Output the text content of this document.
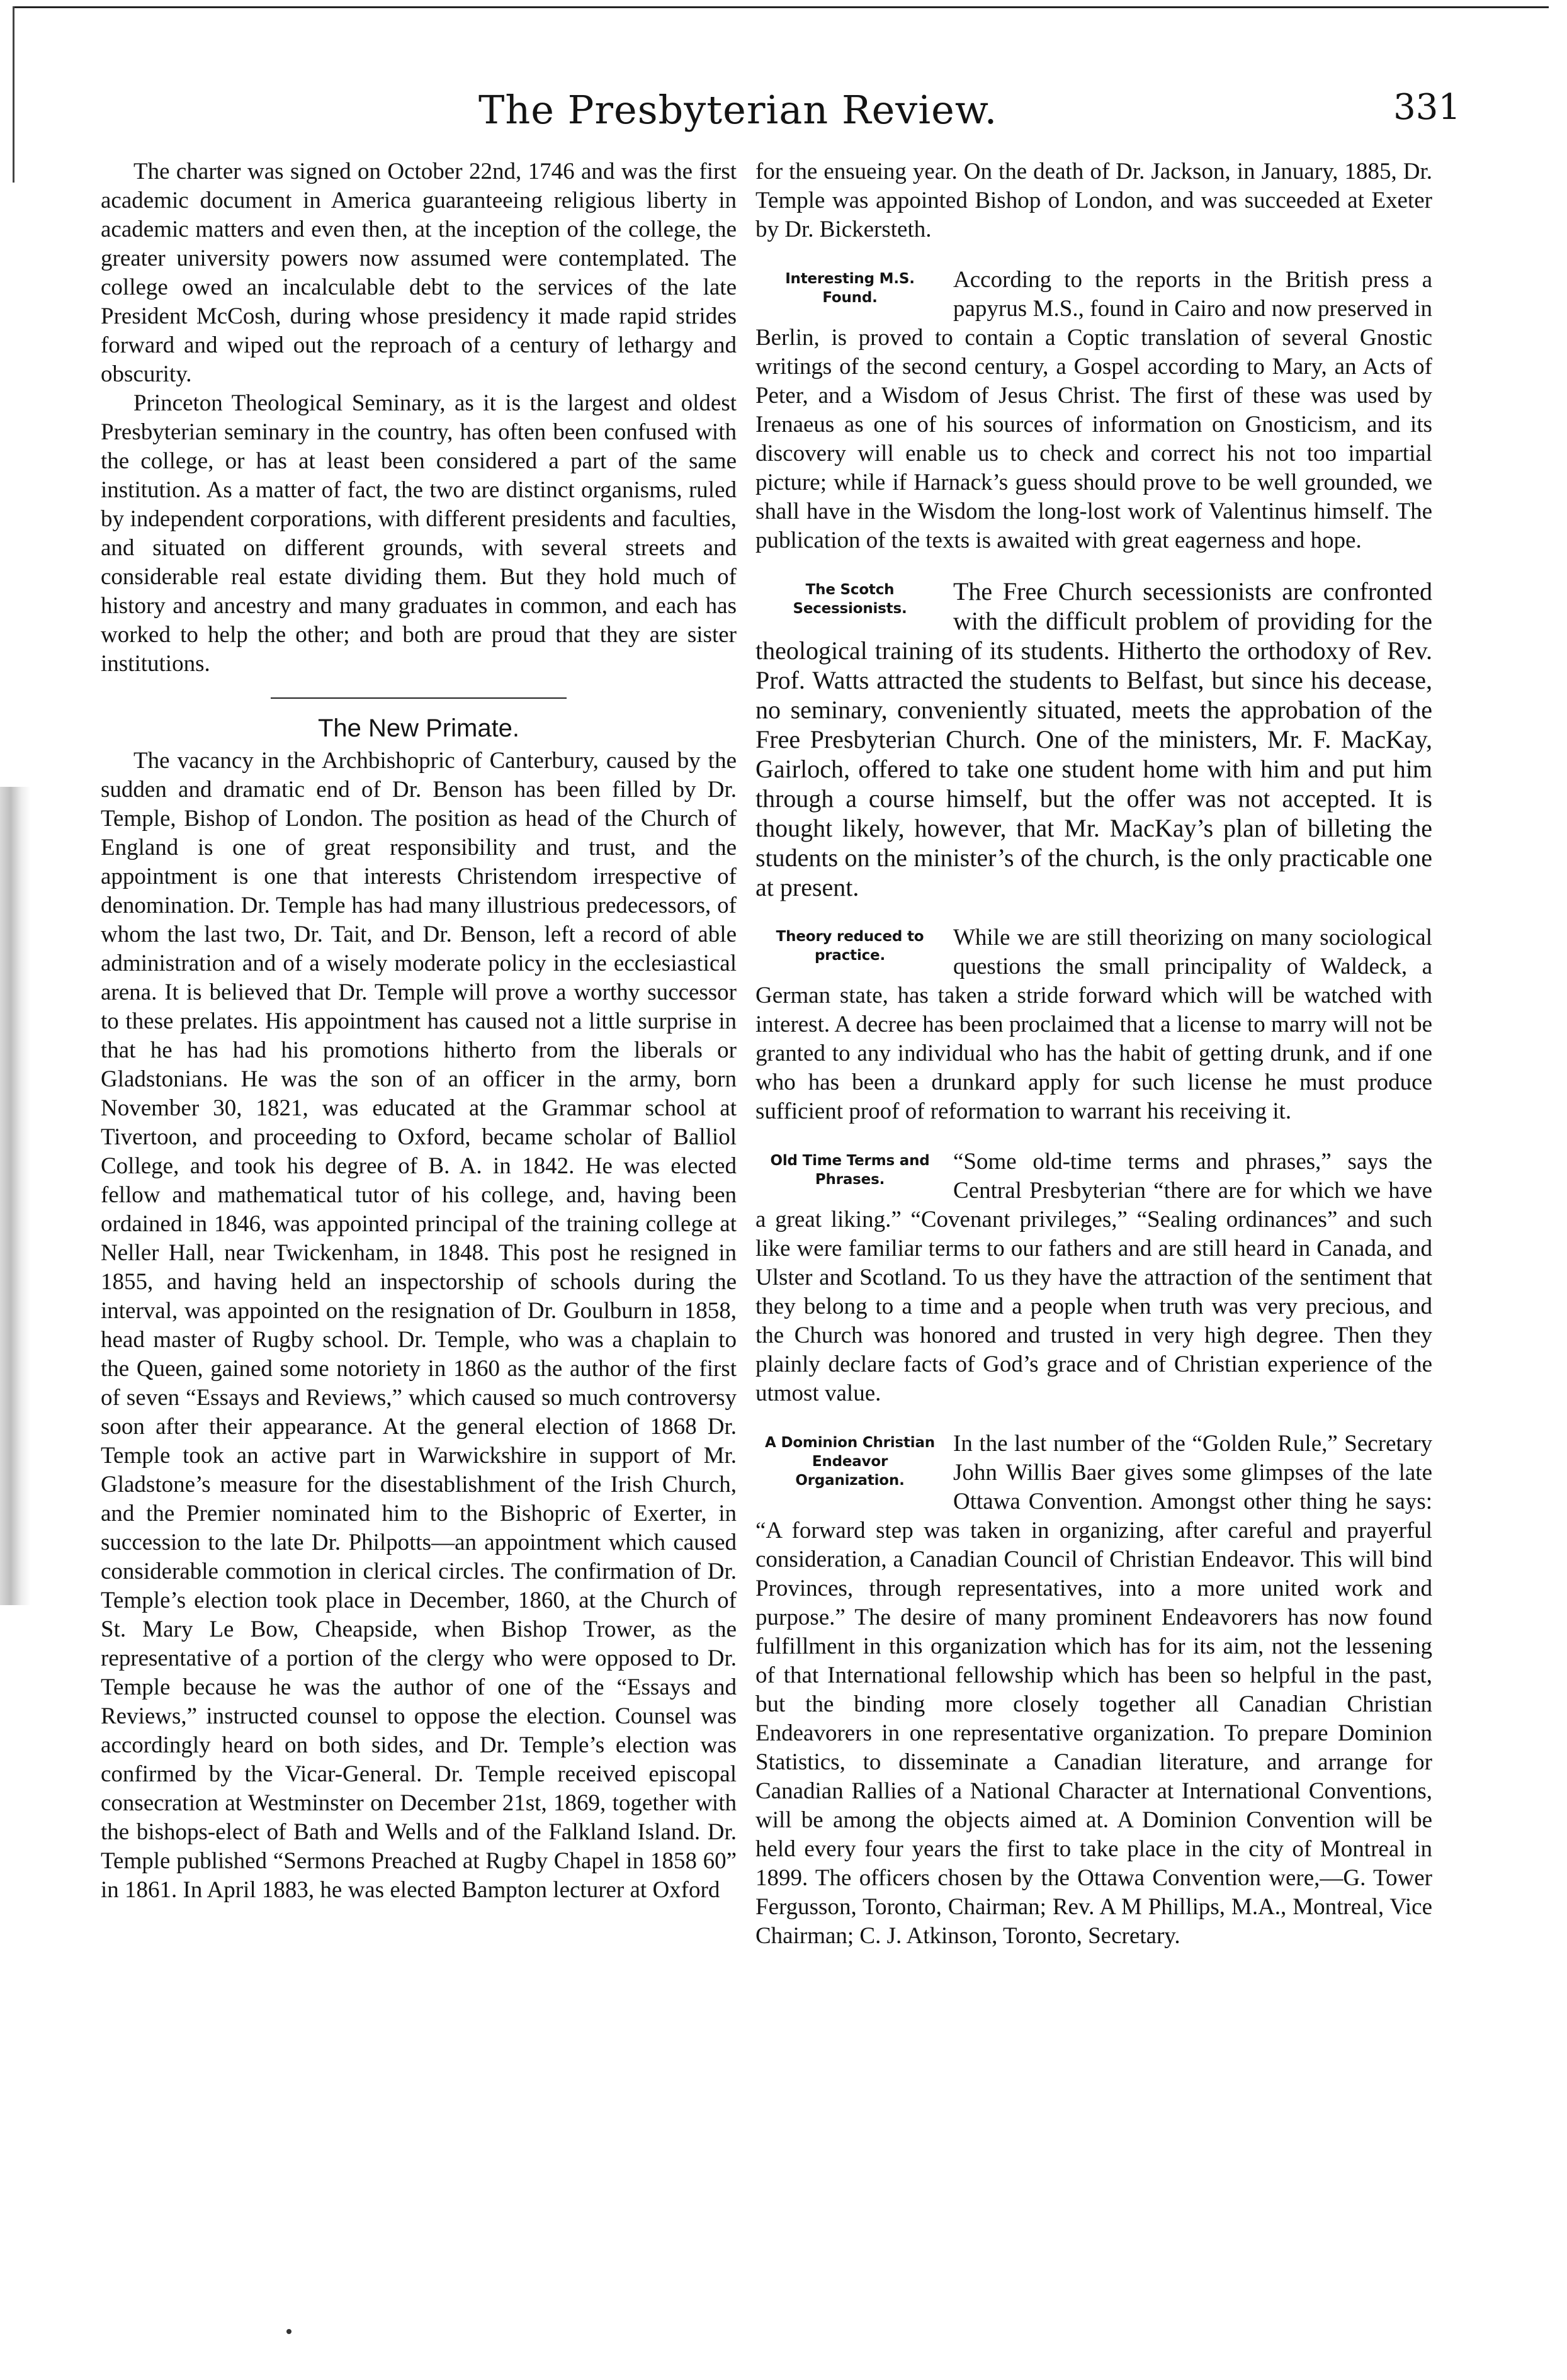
The Presbyterian Review.	331

The charter was signed on October 22nd, 1746 and was the first academic document in America guaranteeing religious liberty in academic matters and even then, at the inception of the college, the greater university powers now assumed were contemplated. The college owed an incalculable debt to the services of the late President McCosh, during whose presidency it made rapid strides forward and wiped out the reproach of a century of lethargy and obscurity.

Princeton Theological Seminary, as it is the largest and oldest Presbyterian seminary in the country, has often been confused with the college, or has at least been considered a part of the same institution. As a matter of fact, the two are distinct organisms, ruled by independent corporations, with different presidents and faculties, and situated on different grounds, with several streets and considerable real estate dividing them. But they hold much of history and ancestry and many graduates in common, and each has worked to help the other; and both are proud that they are sister institutions.

The New Primate.

The vacancy in the Archbishopric of Canterbury, caused by the sudden and dramatic end of Dr. Benson has been filled by Dr. Temple, Bishop of London. The position as head of the Church of England is one of great responsibility and trust, and the appointment is one that interests Christendom irrespective of denomination. Dr. Temple has had many illustrious predecessors, of whom the last two, Dr. Tait, and Dr. Benson, left a record of able administration and of a wisely moderate policy in the ecclesiastical arena. It is believed that Dr. Temple will prove a worthy successor to these prelates. His appointment has caused not a little surprise in that he has had his promotions hitherto from the liberals or Gladstonians. He was the son of an officer in the army, born November 30, 1821, was educated at the Grammar school at Tivertoon, and proceeding to Oxford, became scholar of Balliol College, and took his degree of B. A. in 1842. He was elected fellow and mathematical tutor of his college, and, having been ordained in 1846, was appointed principal of the training college at Neller Hall, near Twickenham, in 1848. This post he resigned in 1855, and having held an inspectorship of schools during the interval, was appointed on the resignation of Dr. Goulburn in 1858, head master of Rugby school. Dr. Temple, who was a chaplain to the Queen, gained some notoriety in 1860 as the author of the first of seven “Essays and Reviews,” which caused so much controversy soon after their appearance. At the general election of 1868 Dr. Temple took an active part in Warwickshire in support of Mr. Gladstone’s measure for the disestablishment of the Irish Church, and the Premier nominated him to the Bishopric of Exerter, in succession to the late Dr. Philpotts—an appointment which caused considerable commotion in clerical circles. The confirmation of Dr. Temple’s election took place in December, 1860, at the Church of St. Mary Le Bow, Cheapside, when Bishop Trower, as the representative of a portion of the clergy who were opposed to Dr. Temple because he was the author of one of the “Essays and Reviews,” instructed counsel to oppose the election. Counsel was accordingly heard on both sides, and Dr. Temple’s election was confirmed by the Vicar-General. Dr. Temple received episcopal consecration at Westminster on December 21st, 1869, together with the bishops-elect of Bath and Wells and of the Falkland Island. Dr. Temple published “Sermons Preached at Rugby Chapel in 1858 60” in 1861. In April 1883, he was elected Bampton lecturer at Oxford

for the ensueing year. On the death of Dr. Jackson, in January, 1885, Dr. Temple was appointed Bishop of London, and was succeeded at Exeter by Dr. Bickersteth.

Interesting M.S. Found.

According to the reports in the British press a papyrus M.S., found in Cairo and now preserved in Berlin, is proved to contain a Coptic translation of several Gnostic writings of the second century, a Gospel according to Mary, an Acts of Peter, and a Wisdom of Jesus Christ. The first of these was used by Irenaeus as one of his sources of information on Gnosticism, and its discovery will enable us to check and correct his not too impartial picture; while if Harnack’s guess should prove to be well grounded, we shall have in the Wisdom the long-lost work of Valentinus himself. The publication of the texts is awaited with great eagerness and hope.

The Scotch Secessionists.

The Free Church secessionists are confronted with the difficult problem of providing for the theological training of its students. Hitherto the orthodoxy of Rev. Prof. Watts attracted the students to Belfast, but since his decease, no seminary, conveniently situated, meets the approbation of the Free Presbyterian Church. One of the ministers, Mr. F. MacKay, Gairloch, offered to take one student home with him and put him through a course himself, but the offer was not accepted. It is thought likely, however, that Mr. MacKay’s plan of billeting the students on the minister’s of the church, is the only practicable one at present.

Theory reduced to practice.

While we are still theorizing on many sociological questions the small principality of Waldeck, a German state, has taken a stride forward which will be watched with interest. A decree has been proclaimed that a license to marry will not be granted to any individual who has the habit of getting drunk, and if one who has been a drunkard apply for such license he must produce sufficient proof of reformation to warrant his receiving it.

Old Time Terms and Phrases.

“Some old-time terms and phrases,” says the Central Presbyterian “there are for which we have a great liking.” “Covenant privileges,” “Sealing ordinances” and such like were familiar terms to our fathers and are still heard in Canada, and Ulster and Scotland. To us they have the attraction of the sentiment that they belong to a time and a people when truth was very precious, and the Church was honored and trusted in very high degree. Then they plainly declare facts of God’s grace and of Christian experience of the utmost value.

A Dominion Christian Endeavor Organization.

In the last number of the “Golden Rule,” Secretary John Willis Baer gives some glimpses of the late Ottawa Convention. Amongst other thing he says: “A forward step was taken in organizing, after careful and prayerful consideration, a Canadian Council of Christian Endeavor. This will bind Provinces, through representatives, into a more united work and purpose.” The desire of many prominent Endeavorers has now found fulfillment in this organization which has for its aim, not the lessening of that International fellowship which has been so helpful in the past, but the binding more closely together all Canadian Christian Endeavorers in one representative organization. To prepare Dominion Statistics, to disseminate a Canadian literature, and arrange for Canadian Rallies of a National Character at International Conventions, will be among the objects aimed at. A Dominion Convention will be held every four years the first to take place in the city of Montreal in 1899. The officers chosen by the Ottawa Convention were,—G. Tower Fergusson, Toronto, Chairman; Rev. A M Phillips, M.A., Montreal, Vice Chairman; C. J. Atkinson, Toronto, Secretary.
